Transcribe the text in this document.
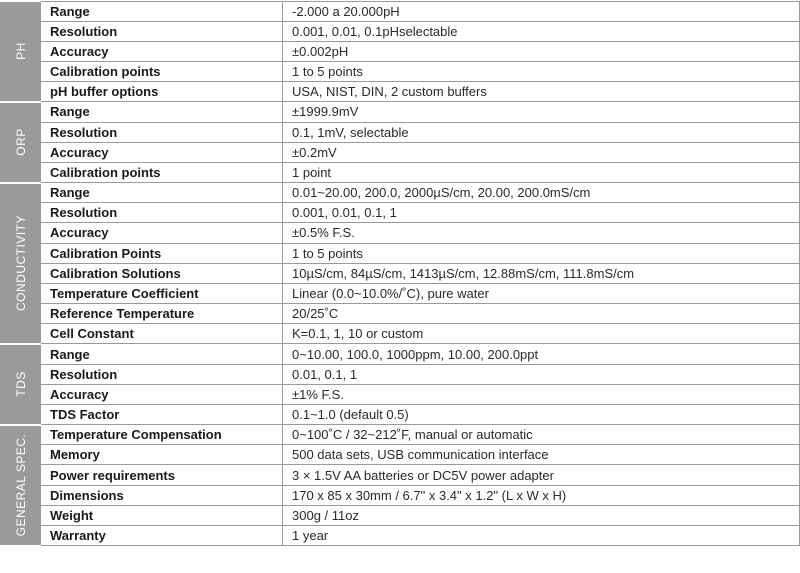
PH	Range	-2.000 a 20.000pH
	Resolution	0.001, 0.01, 0.1pHselectable
	Accuracy	±0.002pH
	Calibration points	1 to 5 points
	pH buffer options	USA, NIST, DIN, 2 custom buffers

ORP	Range	±1999.9mV
	Resolution	0.1, 1mV, selectable
	Accuracy	±0.2mV
	Calibration points	1 point

CONDUCTIVITY	Range	0.01~20.00, 200.0, 2000µS/cm, 20.00, 200.0mS/cm
	Resolution	0.001, 0.01, 0.1, 1
	Accuracy	±0.5% F.S.
	Calibration Points	1 to 5 points
	Calibration Solutions	10µS/cm, 84µS/cm, 1413µS/cm, 12.88mS/cm, 111.8mS/cm
	Temperature Coefficient	Linear (0.0~10.0%/˚C), pure water
	Reference Temperature	20/25˚C
	Cell Constant	K=0.1, 1, 10 or custom

TDS	Range	0~10.00, 100.0, 1000ppm, 10.00, 200.0ppt
	Resolution	0.01, 0.1, 1
	Accuracy	±1% F.S.
	TDS Factor	0.1~1.0 (default 0.5)

GENERAL SPEC.	Temperature Compensation	0~100˚C / 32~212˚F, manual or automatic
	Memory	500 data sets, USB communication interface
	Power requirements	3 × 1.5V AA batteries or DC5V power adapter
	Dimensions	170 x 85 x 30mm / 6.7" x 3.4" x 1.2" (L x W x H)
	Weight	300g / 11oz
	Warranty	1 year
